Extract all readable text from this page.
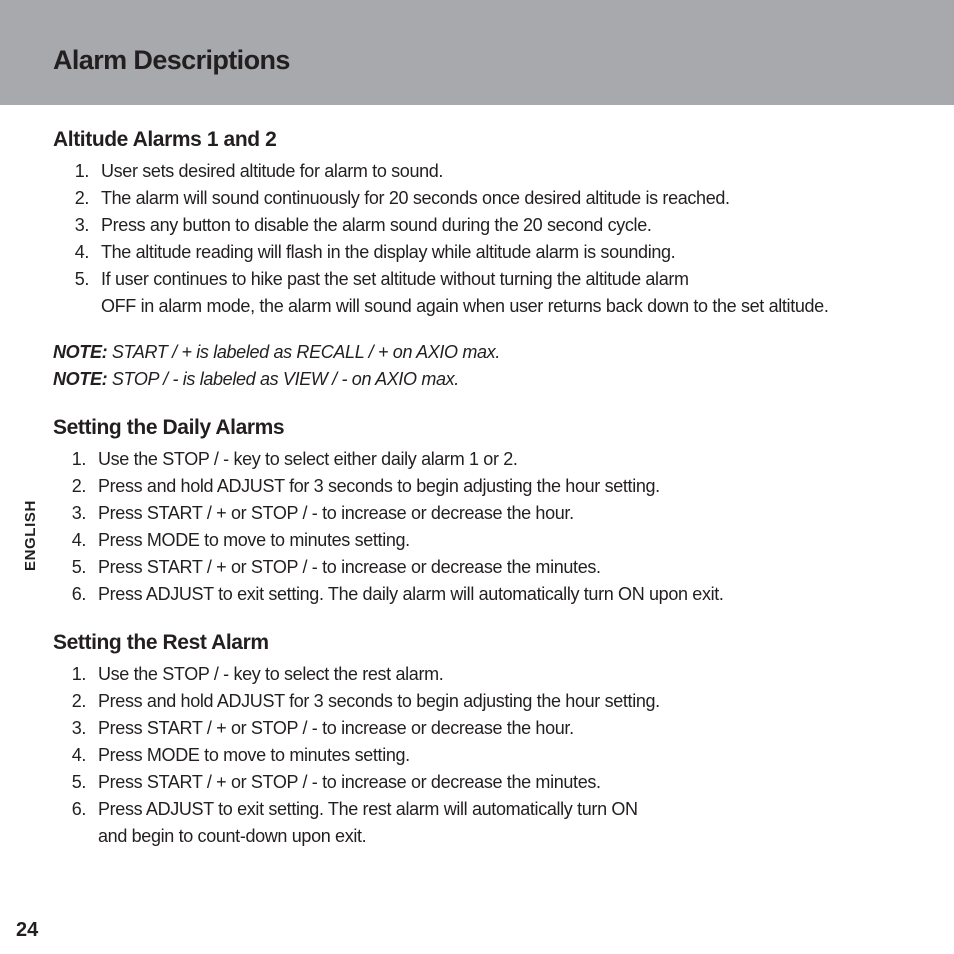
Alarm Descriptions
Altitude Alarms 1 and 2
1. User sets desired altitude for alarm to sound.
2. The alarm will sound continuously for 20 seconds once desired altitude is reached.
3. Press any button to disable the alarm sound during the 20 second cycle.
4. The altitude reading will flash in the display while altitude alarm is sounding.
5. If user continues to hike past the set altitude without turning the altitude alarm
OFF in alarm mode, the alarm will sound again when user returns back down to the set altitude.
NOTE: START / + is labeled as RECALL / + on AXIO max.
NOTE: STOP / - is labeled as VIEW / - on AXIO max.
Setting the Daily Alarms
1. Use the STOP / - key to select either daily alarm 1 or 2.
2. Press and hold ADJUST for 3 seconds to begin adjusting the hour setting.
3. Press START / + or STOP / - to increase or decrease the hour.
4. Press MODE to move to minutes setting.
5. Press START / + or STOP / - to increase or decrease the minutes.
6. Press ADJUST to exit setting. The daily alarm will automatically turn ON upon exit.
Setting the Rest Alarm
1. Use the STOP / - key to select the rest alarm.
2. Press and hold ADJUST for 3 seconds to begin adjusting the hour setting.
3. Press START / + or STOP / - to increase or decrease the hour.
4. Press MODE to move to minutes setting.
5. Press START / + or STOP / - to increase or decrease the minutes.
6. Press ADJUST to exit setting. The rest alarm will automatically turn ON
and begin to count-down upon exit.
ENGLISH
24
